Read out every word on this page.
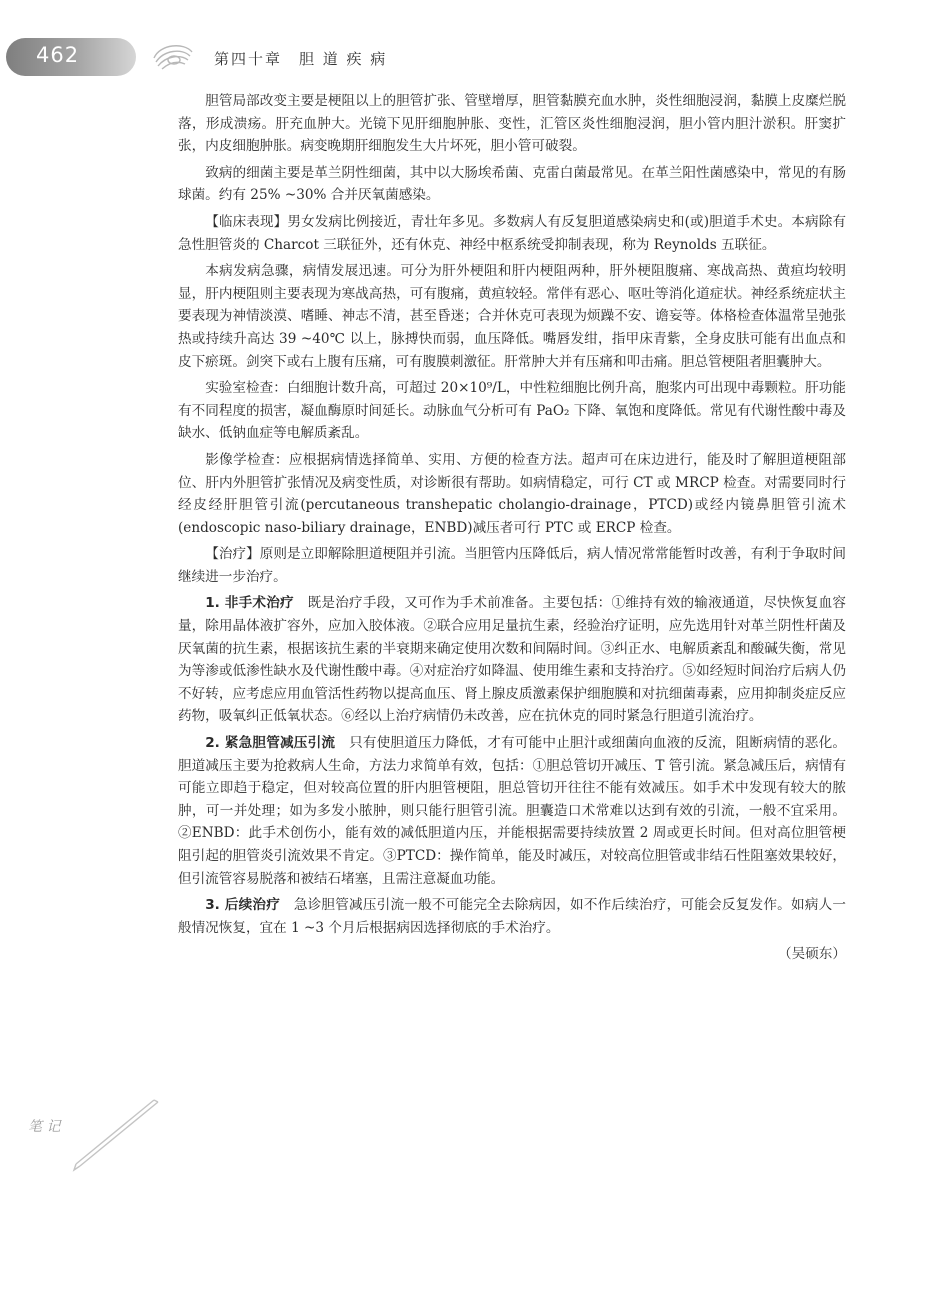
462	第四十章　胆 道 疾 病

胆管局部改变主要是梗阻以上的胆管扩张、管壁增厚，胆管黏膜充血水肿，炎性细胞浸润，黏膜上皮糜烂脱落，形成溃疡。肝充血肿大。光镜下见肝细胞肿胀、变性，汇管区炎性细胞浸润，胆小管内胆汁淤积。肝窦扩张，内皮细胞肿胀。病变晚期肝细胞发生大片坏死，胆小管可破裂。

致病的细菌主要是革兰阴性细菌，其中以大肠埃希菌、克雷白菌最常见。在革兰阳性菌感染中，常见的有肠球菌。约有 25% ~30% 合并厌氧菌感染。

【临床表现】男女发病比例接近，青壮年多见。多数病人有反复胆道感染病史和(或)胆道手术史。本病除有急性胆管炎的 Charcot 三联征外，还有休克、神经中枢系统受抑制表现，称为 Reynolds 五联征。

本病发病急骤，病情发展迅速。可分为肝外梗阻和肝内梗阻两种，肝外梗阻腹痛、寒战高热、黄疸均较明显，肝内梗阻则主要表现为寒战高热，可有腹痛，黄疸较轻。常伴有恶心、呕吐等消化道症状。神经系统症状主要表现为神情淡漠、嗜睡、神志不清，甚至昏迷；合并休克可表现为烦躁不安、谵妄等。体格检查体温常呈弛张热或持续升高达 39 ~40℃ 以上，脉搏快而弱，血压降低。嘴唇发绀，指甲床青紫，全身皮肤可能有出血点和皮下瘀斑。剑突下或右上腹有压痛，可有腹膜刺激征。肝常肿大并有压痛和叩击痛。胆总管梗阻者胆囊肿大。

实验室检查：白细胞计数升高，可超过 20×10⁹/L，中性粒细胞比例升高，胞浆内可出现中毒颗粒。肝功能有不同程度的损害，凝血酶原时间延长。动脉血气分析可有 PaO₂ 下降、氧饱和度降低。常见有代谢性酸中毒及缺水、低钠血症等电解质紊乱。

影像学检查：应根据病情选择简单、实用、方便的检查方法。超声可在床边进行，能及时了解胆道梗阻部位、肝内外胆管扩张情况及病变性质，对诊断很有帮助。如病情稳定，可行 CT 或 MRCP 检查。对需要同时行经皮经肝胆管引流(percutaneous transhepatic cholangio-drainage，PTCD)或经内镜鼻胆管引流术(endoscopic naso-biliary drainage，ENBD)减压者可行 PTC 或 ERCP 检查。

【治疗】原则是立即解除胆道梗阻并引流。当胆管内压降低后，病人情况常常能暂时改善，有利于争取时间继续进一步治疗。

1. 非手术治疗　 既是治疗手段，又可作为手术前准备。主要包括：①维持有效的输液通道，尽快恢复血容量，除用晶体液扩容外，应加入胶体液。②联合应用足量抗生素，经验治疗证明，应先选用针对革兰阴性杆菌及厌氧菌的抗生素，根据该抗生素的半衰期来确定使用次数和间隔时间。③纠正水、电解质紊乱和酸碱失衡，常见为等渗或低渗性缺水及代谢性酸中毒。④对症治疗如降温、使用维生素和支持治疗。⑤如经短时间治疗后病人仍不好转，应考虑应用血管活性药物以提高血压、肾上腺皮质激素保护细胞膜和对抗细菌毒素，应用抑制炎症反应药物，吸氧纠正低氧状态。⑥经以上治疗病情仍未改善，应在抗休克的同时紧急行胆道引流治疗。

2. 紧急胆管减压引流　 只有使胆道压力降低，才有可能中止胆汁或细菌向血液的反流，阻断病情的恶化。胆道减压主要为抢救病人生命，方法力求简单有效，包括：①胆总管切开减压、T 管引流。紧急减压后，病情有可能立即趋于稳定，但对较高位置的肝内胆管梗阻，胆总管切开往往不能有效减压。如手术中发现有较大的脓肿，可一并处理；如为多发小脓肿，则只能行胆管引流。胆囊造口术常难以达到有效的引流，一般不宜采用。②ENBD：此手术创伤小，能有效的减低胆道内压，并能根据需要持续放置 2 周或更长时间。但对高位胆管梗阻引起的胆管炎引流效果不肯定。③PTCD：操作简单，能及时减压，对较高位胆管或非结石性阻塞效果较好，但引流管容易脱落和被结石堵塞，且需注意凝血功能。

3. 后续治疗　 急诊胆管减压引流一般不可能完全去除病因，如不作后续治疗，可能会反复发作。如病人一般情况恢复，宜在 1 ~3 个月后根据病因选择彻底的手术治疗。

（吴硕东）
笔 记
